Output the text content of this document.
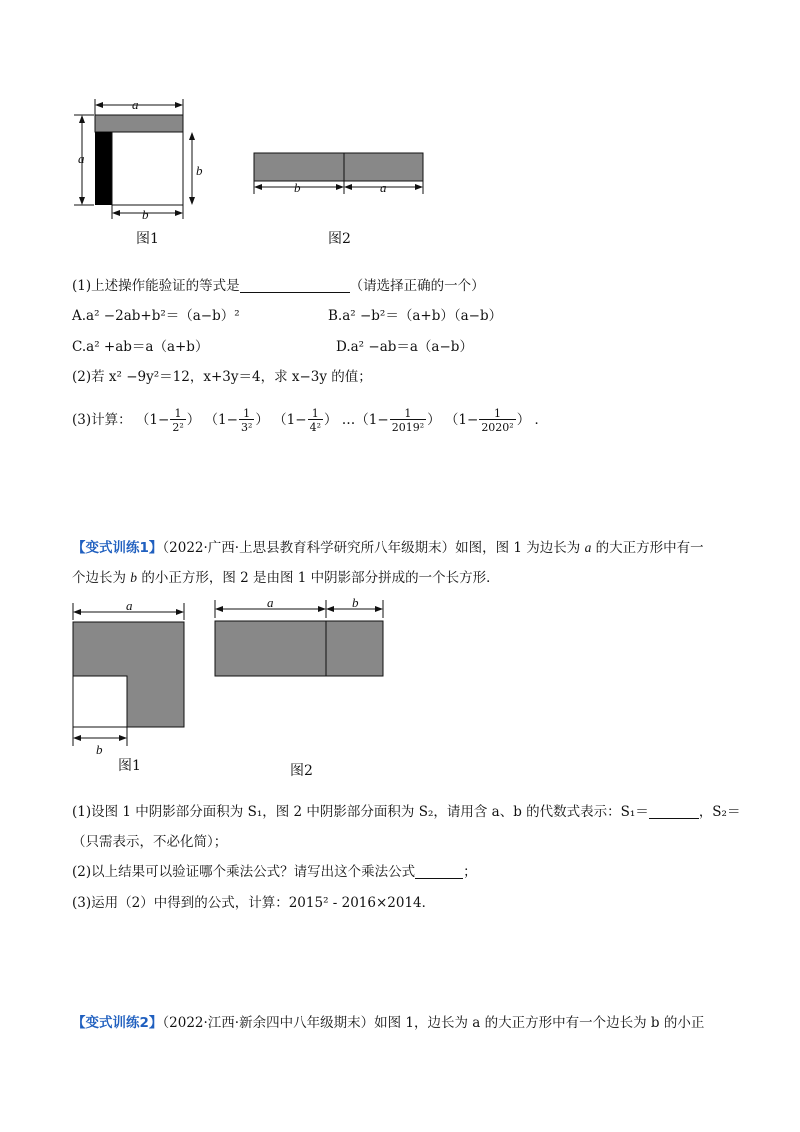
a
a
b
b
图1
b	a
图2
(1)上述操作能验证的等式是	（请选择正确的一个）
A.a² −2ab+b²＝（a−b）²	B.a² −b²＝（a+b）（a−b）
C.a² +ab＝a（a+b）	D.a² −ab＝a（a−b）
(2)若 x² −9y²＝12，x+3y＝4，求 x−3y 的值；
(3)计算： （$1- \frac{1}{\text{2²}}$ ） （$1- \frac{1}{\text{3²}}$ ） （$1- \frac{1}{\text{4²}}$ ） …（1− $\frac{1}{\text{2019²}}$ ） （$1- \frac{1}{\text{2020²}}$ ） ．
【变式训练1】（2022·广西·上思县教育科学研究所八年级期末）如图，图 1 为边长为 a 的大正方形中有一
个边长为 b 的小正方形，图 2 是由图 1 中阴影部分拼成的一个长方形．
a
b
图1
a	b
图2
(1)设图 1 中阴影部分面积为 S₁，图 2 中阴影部分面积为 S₂，请用含 a、b 的代数式表示：S₁＝	，S₂＝
（只需表示，不必化简）；
(2)以上结果可以验证哪个乘法公式？请写出这个乘法公式	；
(3)运用（2）中得到的公式，计算：2015² ‐ 2016×2014．
【变式训练2】（2022·江西·新余四中八年级期末）如图 1，边长为 a 的大正方形中有一个边长为 b 的小正
